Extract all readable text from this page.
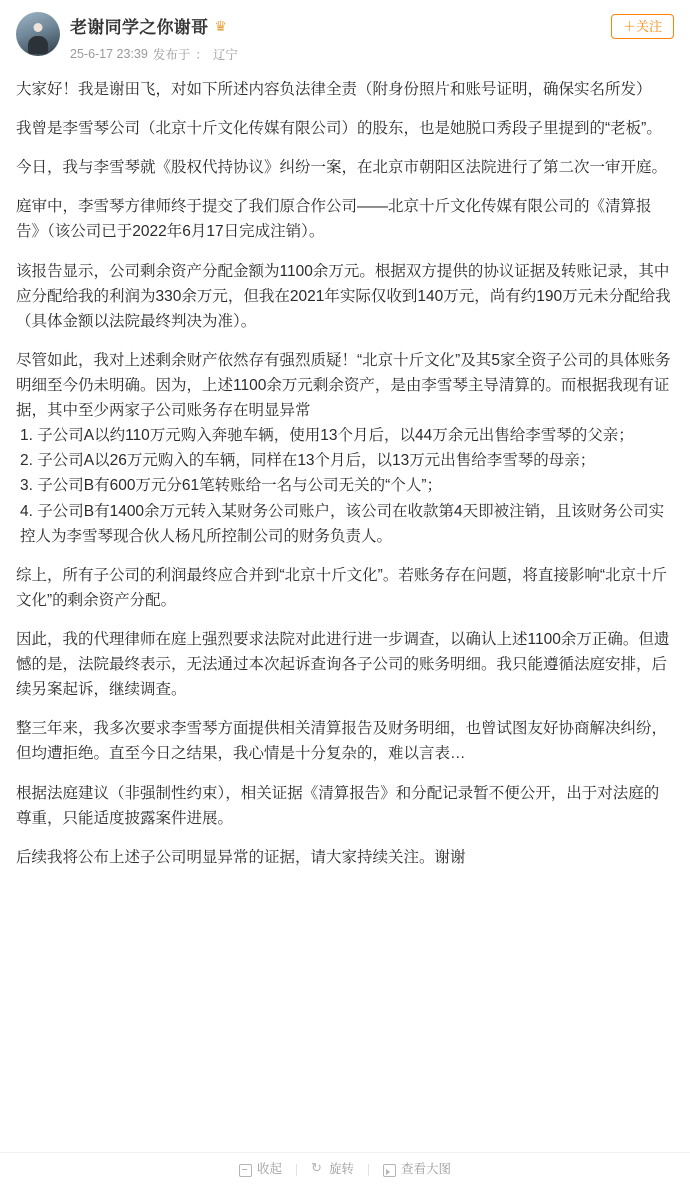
老谢同学之你谢哥 ♛
25-6-17 23:39 发布于 ： 辽宁
＋关注

大家好！我是谢田飞，对如下所述内容负法律全责（附身份照片和账号证明，确保实名所发）

我曾是李雪琴公司（北京十斤文化传媒有限公司）的股东，也是她脱口秀段子里提到的“老板”。

今日，我与李雪琴就《股权代持协议》纠纷一案，在北京市朝阳区法院进行了第二次一审开庭。

庭审中，李雪琴方律师终于提交了我们原合作公司——北京十斤文化传媒有限公司的《清算报告》（该公司已于2022年6月17日完成注销）。

该报告显示，公司剩余资产分配金额为1100余万元。根据双方提供的协议证据及转账记录，其中应分配给我的利润为330余万元，但我在2021年实际仅收到140万元，尚有约190万元未分配给我（具体金额以法院最终判决为准）。

尽管如此，我对上述剩余财产依然存有强烈质疑！“北京十斤文化”及其5家全资子公司的具体账务明细至今仍未明确。因为，上述1100余万元剩余资产，是由李雪琴主导清算的。而根据我现有证据，其中至少两家子公司账务存在明显异常

1. 子公司A以约110万元购入奔驰车辆，使用13个月后，以44万余元出售给李雪琴的父亲；
2. 子公司A以26万元购入的车辆，同样在13个月后，以13万元出售给李雪琴的母亲；
3. 子公司B有600万元分61笔转账给一名与公司无关的“个人”；
4. 子公司B有1400余万元转入某财务公司账户，该公司在收款第4天即被注销，且该财务公司实控人为李雪琴现合伙人杨凡所控制公司的财务负责人。

综上，所有子公司的利润最终应合并到“北京十斤文化”。若账务存在问题，将直接影响“北京十斤文化”的剩余资产分配。

因此，我的代理律师在庭上强烈要求法院对此进行进一步调查，以确认上述1100余万正确。但遗憾的是，法院最终表示，无法通过本次起诉查询各子公司的账务明细。我只能遵循法庭安排，后续另案起诉，继续调查。

整三年来，我多次要求李雪琴方面提供相关清算报告及财务明细，也曾试图友好协商解决纠纷，但均遭拒绝。直至今日之结果，我心情是十分复杂的，难以言表…

根据法庭建议（非强制性约束），相关证据《清算报告》和分配记录暂不便公开，出于对法庭的尊重，只能适度披露案件进展。

后续我将公布上述子公司明显异常的证据，请大家持续关注。谢谢

收起 ↻	旋转	查看大图
